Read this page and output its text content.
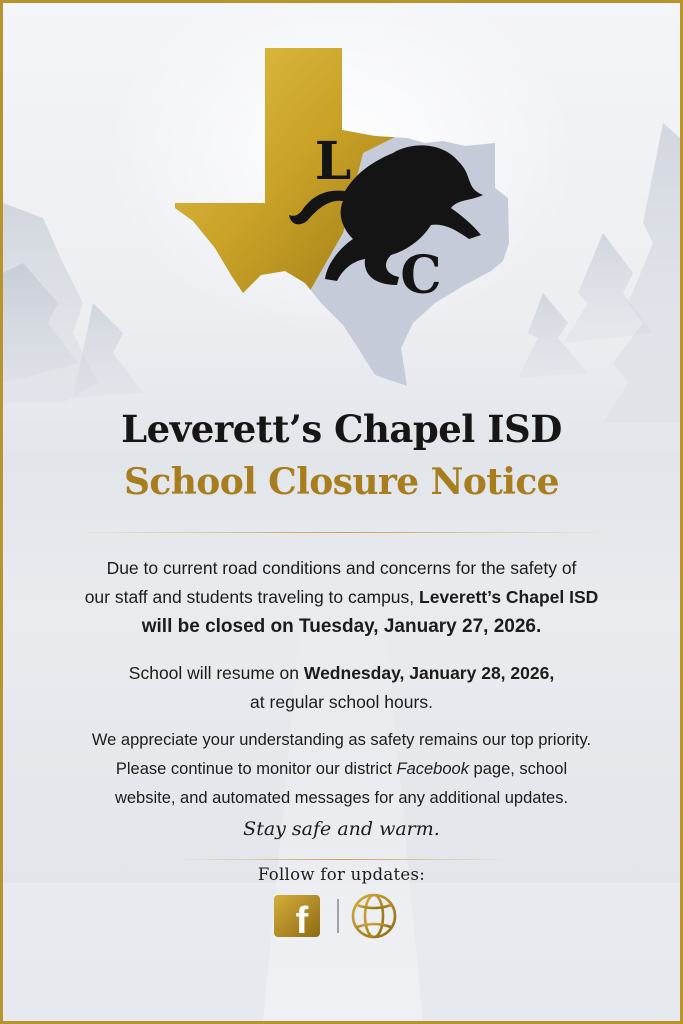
L
C
Leverett’s Chapel ISD
School Closure Notice
Due to current road conditions and concerns for the safety of
our staff and students traveling to campus, Leverett’s Chapel ISD
will be closed on Tuesday, January 27, 2026.
School will resume on Wednesday, January 28, 2026,
at regular school hours.
We appreciate your understanding as safety remains our top priority.
Please continue to monitor our district Facebook page, school
website, and automated messages for any additional updates.
Stay safe and warm.
Follow for updates:
f
